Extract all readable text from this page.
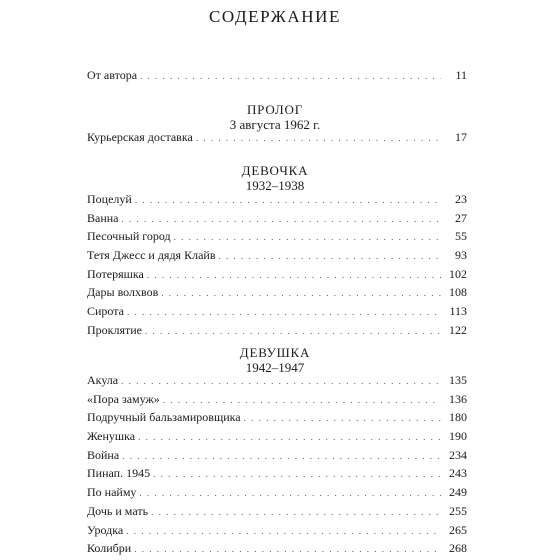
СОДЕРЖАНИЕ
От автора . . .	11
ПРОЛОГ
3 августа 1962 г.
Курьерская доставка . . .	17
ДЕВОЧКА
1932–1938
Поцелуй . . .	23
Ванна . . .	27
Песочный город . . .	55
Тетя Джесс и дядя Клайв . . .	93
Потеряшка . . .	102
Дары волхвов . . .	108
Сирота . . .	113
Проклятие . . .	122
ДЕВУШКА
1942–1947
Акула . . .	135
«Пора замуж» . . .	136
Подручный бальзамировщика . . .	180
Женушка . . .	190
Война . . .	234
Пинап. 1945 . . .	243
По найму . . .	249
Дочь и мать . . .	255
Уродка . . .	265
Колибри . . .	268
